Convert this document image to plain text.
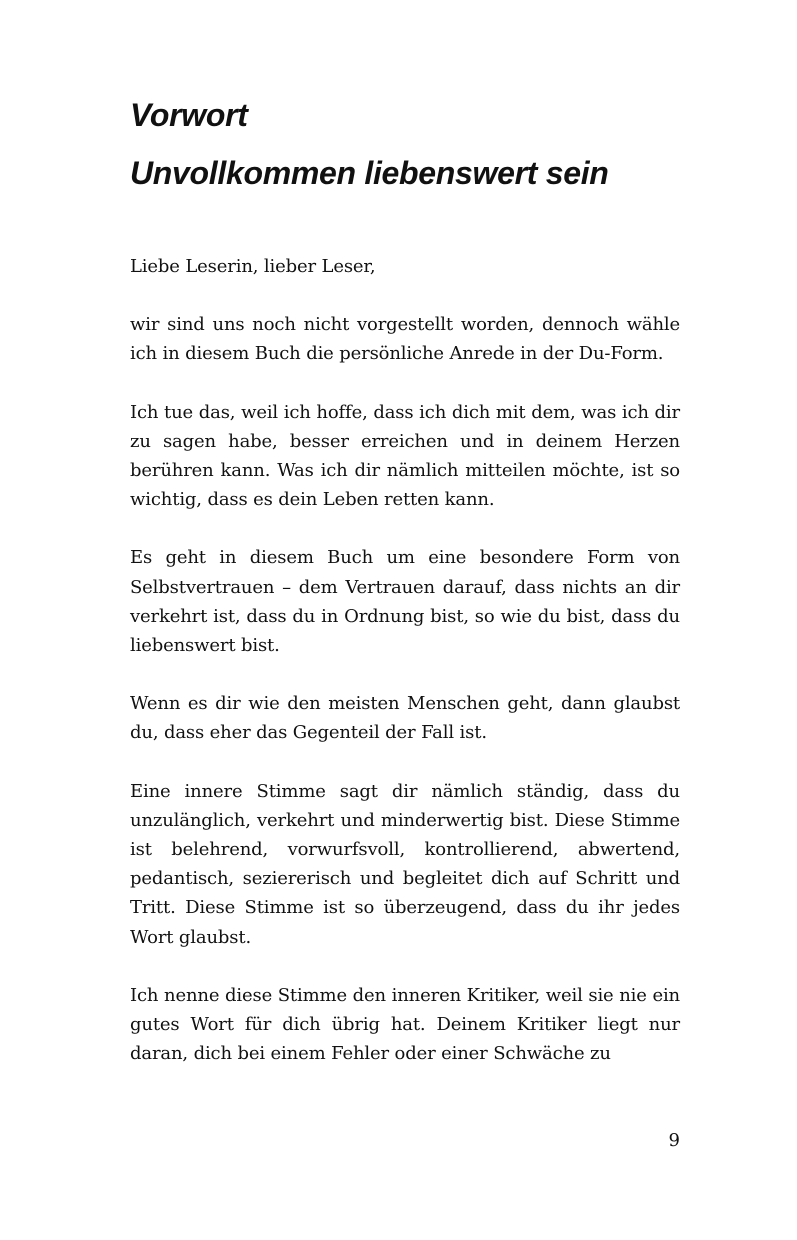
Vorwort
Unvollkommen liebenswert sein

Liebe Leserin, lieber Leser,

wir sind uns noch nicht vorgestellt worden, dennoch wähle ich in diesem Buch die persönliche Anrede in der Du-Form.

Ich tue das, weil ich hoffe, dass ich dich mit dem, was ich dir zu sagen habe, besser erreichen und in deinem Herzen berühren kann. Was ich dir nämlich mitteilen möchte, ist so wichtig, dass es dein Leben retten kann.

Es geht in diesem Buch um eine besondere Form von Selbstvertrauen – dem Vertrauen darauf, dass nichts an dir verkehrt ist, dass du in Ordnung bist, so wie du bist, dass du liebenswert bist.

Wenn es dir wie den meisten Menschen geht, dann glaubst du, dass eher das Gegenteil der Fall ist.

Eine innere Stimme sagt dir nämlich ständig, dass du unzulänglich, verkehrt und minderwertig bist. Diese Stimme ist belehrend, vorwurfsvoll, kontrollierend, abwertend, pedantisch, seziererisch und begleitet dich auf Schritt und Tritt. Diese Stimme ist so überzeugend, dass du ihr jedes Wort glaubst.

Ich nenne diese Stimme den inneren Kritiker, weil sie nie ein gutes Wort für dich übrig hat. Deinem Kritiker liegt nur daran, dich bei einem Fehler oder einer Schwäche zu

9
